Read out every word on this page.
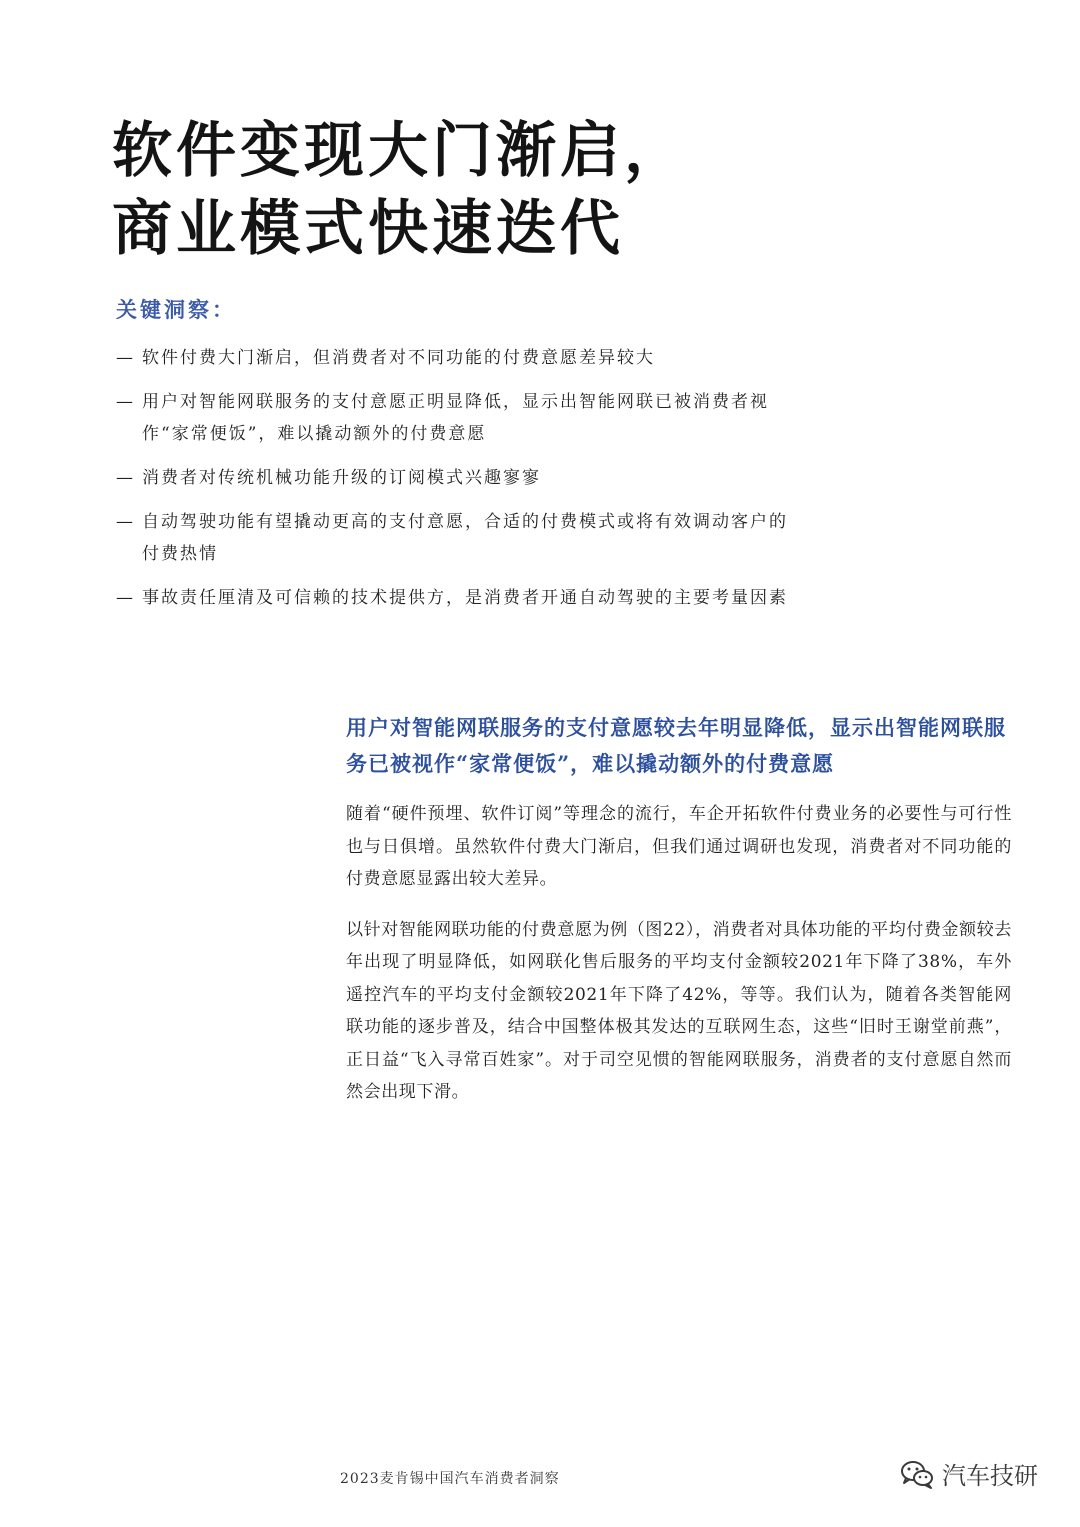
软件变现大门渐启，
商业模式快速迭代
关键洞察：
— 软件付费大门渐启，但消费者对不同功能的付费意愿差异较大
— 用户对智能网联服务的支付意愿正明显降低，显示出智能网联已被消费者视作“家常便饭”，难以撬动额外的付费意愿
— 消费者对传统机械功能升级的订阅模式兴趣寥寥
— 自动驾驶功能有望撬动更高的支付意愿，合适的付费模式或将有效调动客户的付费热情
— 事故责任厘清及可信赖的技术提供方，是消费者开通自动驾驶的主要考量因素
用户对智能网联服务的支付意愿较去年明显降低，显示出智能网联服务已被视作“家常便饭”，难以撬动额外的付费意愿

随着“硬件预埋、软件订阅”等理念的流行，车企开拓软件付费业务的必要性与可行性也与日俱增。虽然软件付费大门渐启，但我们通过调研也发现，消费者对不同功能的付费意愿显露出较大差异。

以针对智能网联功能的付费意愿为例（图22），消费者对具体功能的平均付费金额较去年出现了明显降低，如网联化售后服务的平均支付金额较2021年下降了38%，车外遥控汽车的平均支付金额较2021年下降了42%，等等。我们认为，随着各类智能网联功能的逐步普及，结合中国整体极其发达的互联网生态，这些“旧时王谢堂前燕”，正日益“飞入寻常百姓家”。对于司空见惯的智能网联服务，消费者的支付意愿自然而然会出现下滑。

2023麦肯锡中国汽车消费者洞察	汽车技研
